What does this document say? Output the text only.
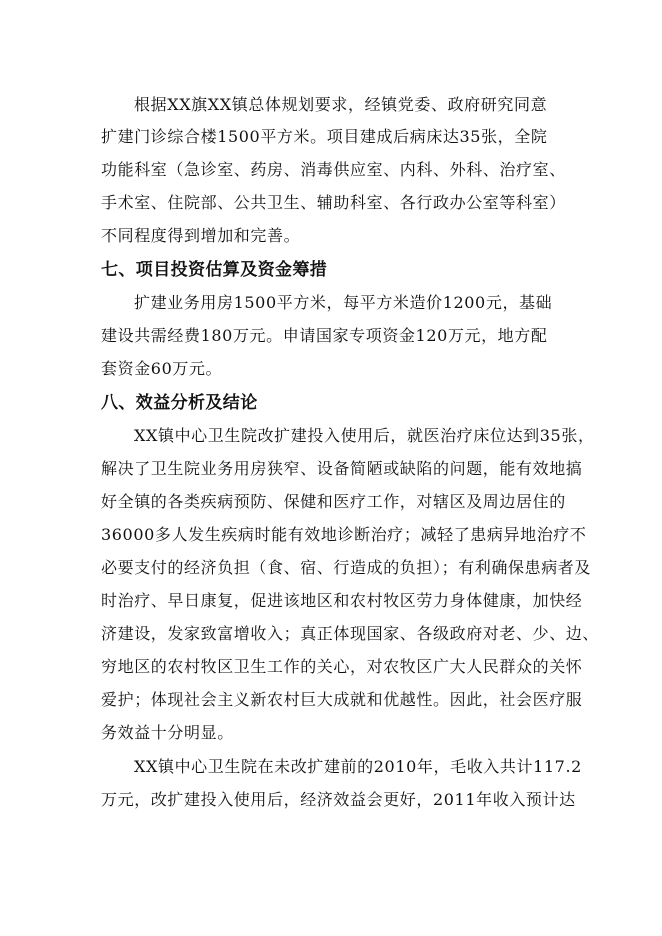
根据XX旗XX镇总体规划要求，经镇党委、政府研究同意
扩建门诊综合楼1500平方米。项目建成后病床达35张，全院
功能科室（急诊室、药房、消毒供应室、内科、外科、治疗室、
手术室、住院部、公共卫生、辅助科室、各行政办公室等科室）
不同程度得到增加和完善。
七、项目投资估算及资金筹措
扩建业务用房1500平方米，每平方米造价1200元，基础
建设共需经费180万元。申请国家专项资金120万元，地方配
套资金60万元。
八、效益分析及结论
XX镇中心卫生院改扩建投入使用后，就医治疗床位达到35张，
解决了卫生院业务用房狭窄、设备简陋或缺陷的问题，能有效地搞
好全镇的各类疾病预防、保健和医疗工作，对辖区及周边居住的
36000多人发生疾病时能有效地诊断治疗；减轻了患病异地治疗不
必要支付的经济负担（食、宿、行造成的负担）；有利确保患病者及
时治疗、早日康复，促进该地区和农村牧区劳力身体健康，加快经
济建设，发家致富增收入；真正体现国家、各级政府对老、少、边、
穷地区的农村牧区卫生工作的关心，对农牧区广大人民群众的关怀
爱护；体现社会主义新农村巨大成就和优越性。因此，社会医疗服
务效益十分明显。
XX镇中心卫生院在未改扩建前的2010年，毛收入共计117.2
万元，改扩建投入使用后，经济效益会更好，2011年收入预计达
